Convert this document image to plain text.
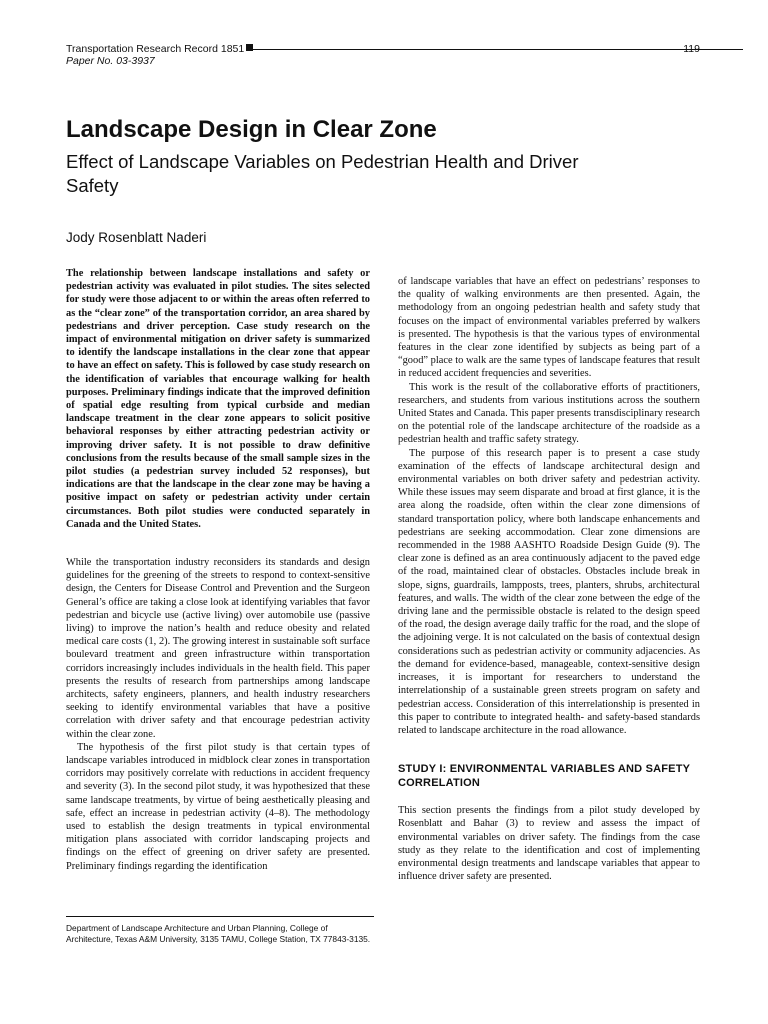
Transportation Research Record 1851	119
Paper No. 03-3937
Landscape Design in Clear Zone
Effect of Landscape Variables on Pedestrian Health and Driver Safety
Jody Rosenblatt Naderi

The relationship between landscape installations and safety or pedestrian activity was evaluated in pilot studies. The sites selected for study were those adjacent to or within the areas often referred to as the “clear zone” of the transportation corridor, an area shared by pedestrians and driver perception. Case study research on the impact of environmental mitigation on driver safety is summarized to identify the landscape installations in the clear zone that appear to have an effect on safety. This is followed by case study research on the identification of variables that encourage walking for health purposes. Preliminary findings indicate that the improved definition of spatial edge resulting from typical curbside and median landscape treatment in the clear zone appears to solicit positive behavioral responses by either attracting pedestrian activity or improving driver safety. It is not possible to draw definitive conclusions from the results because of the small sample sizes in the pilot studies (a pedestrian survey included 52 responses), but indications are that the landscape in the clear zone may be having a positive impact on safety or pedestrian activity under certain circumstances. Both pilot studies were conducted separately in Canada and the United States.

While the transportation industry reconsiders its standards and design guidelines for the greening of the streets to respond to context-sensitive design, the Centers for Disease Control and Prevention and the Surgeon General’s office are taking a close look at identifying variables that favor pedestrian and bicycle use (active living) over automobile use (passive living) to improve the nation’s health and reduce obesity and related medical care costs (1, 2). The growing interest in sustainable soft surface boulevard treatment and green infrastructure within transportation corridors increasingly includes individuals in the health field. This paper presents the results of research from partnerships among landscape architects, safety engineers, planners, and health industry researchers seeking to identify environmental variables that have a positive correlation with driver safety and that encourage pedestrian activity within the clear zone.

The hypothesis of the first pilot study is that certain types of landscape variables introduced in midblock clear zones in transportation corridors may positively correlate with reductions in accident frequency and severity (3). In the second pilot study, it was hypothesized that these same landscape treatments, by virtue of being aesthetically pleasing and safe, effect an increase in pedestrian activity (4–8). The methodology used to establish the design treatments in typical environmental mitigation plans associated with corridor landscaping projects and findings on the effect of greening on driver safety are presented. Preliminary findings regarding the identification

of landscape variables that have an effect on pedestrians’ responses to the quality of walking environments are then presented. Again, the methodology from an ongoing pedestrian health and safety study that focuses on the impact of environmental variables preferred by walkers is presented. The hypothesis is that the various types of environmental features in the clear zone identified by subjects as being part of a “good” place to walk are the same types of landscape features that result in reduced accident frequencies and severities.

This work is the result of the collaborative efforts of practitioners, researchers, and students from various institutions across the southern United States and Canada. This paper presents transdisciplinary research on the potential role of the landscape architecture of the roadside as a pedestrian health and traffic safety strategy.

The purpose of this research paper is to present a case study examination of the effects of landscape architectural design and environmental variables on both driver safety and pedestrian activity. While these issues may seem disparate and broad at first glance, it is the area along the roadside, often within the clear zone dimensions of standard transportation policy, where both landscape enhancements and pedestrians are seeking accommodation. Clear zone dimensions are recommended in the 1988 AASHTO Roadside Design Guide (9). The clear zone is defined as an area continuously adjacent to the paved edge of the road, maintained clear of obstacles. Obstacles include break in slope, signs, guardrails, lampposts, trees, planters, shrubs, architectural features, and walls. The width of the clear zone between the edge of the driving lane and the permissible obstacle is related to the design speed of the road, the design average daily traffic for the road, and the slope of the adjoining verge. It is not calculated on the basis of contextual design considerations such as pedestrian activity or community adjacencies. As the demand for evidence-based, manageable, context-sensitive design increases, it is important for researchers to understand the interrelationship of a sustainable green streets program on safety and pedestrian access. Consideration of this interrelationship is presented in this paper to contribute to integrated health- and safety-based standards related to landscape architecture in the road allowance.

STUDY I: ENVIRONMENTAL VARIABLES AND SAFETY CORRELATION

This section presents the findings from a pilot study developed by Rosenblatt and Bahar (3) to review and assess the impact of environmental variables on driver safety. The findings from the case study as they relate to the identification and cost of implementing environmental design treatments and landscape variables that appear to influence driver safety are presented.

Department of Landscape Architecture and Urban Planning, College of Architecture, Texas A&M University, 3135 TAMU, College Station, TX 77843-3135.
